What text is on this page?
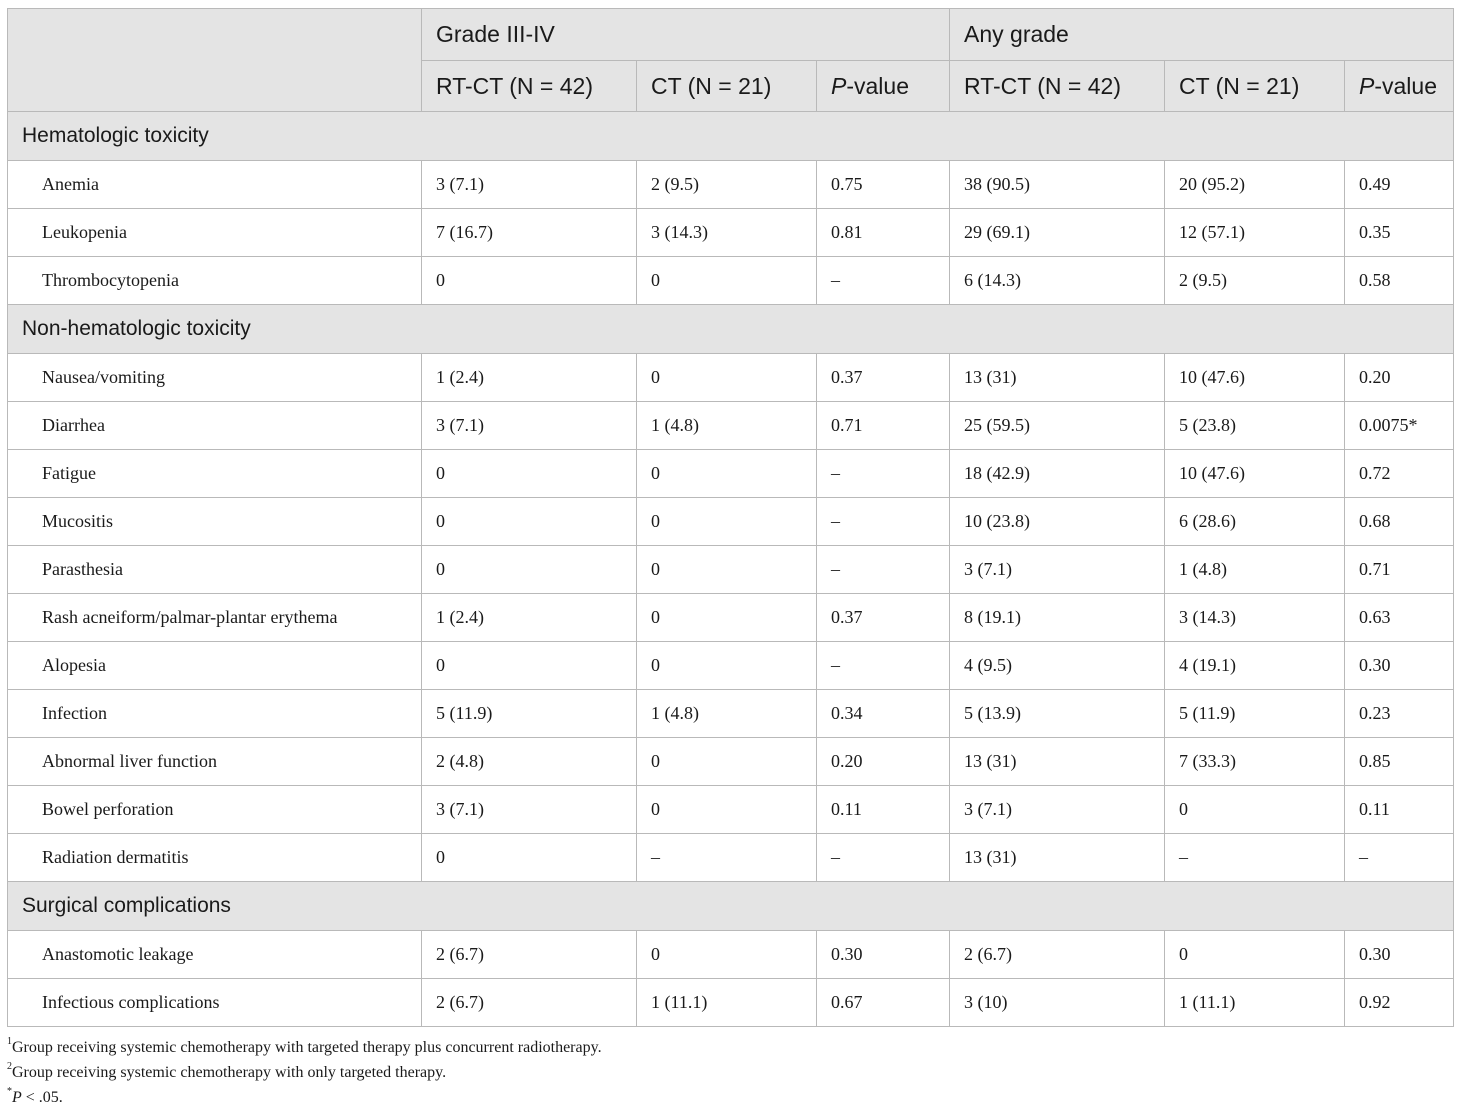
	Grade III-IV			Any grade		
	RT-CT (N = 42)	CT (N = 21)	P-value	RT-CT (N = 42)	CT (N = 21)	P-value
Hematologic toxicity						
Anemia	3 (7.1)	2 (9.5)	0.75	38 (90.5)	20 (95.2)	0.49
Leukopenia	7 (16.7)	3 (14.3)	0.81	29 (69.1)	12 (57.1)	0.35
Thrombocytopenia	0	0	–	6 (14.3)	2 (9.5)	0.58
Non-hematologic toxicity						
Nausea/vomiting	1 (2.4)	0	0.37	13 (31)	10 (47.6)	0.20
Diarrhea	3 (7.1)	1 (4.8)	0.71	25 (59.5)	5 (23.8)	0.0075*
Fatigue	0	0	–	18 (42.9)	10 (47.6)	0.72
Mucositis	0	0	–	10 (23.8)	6 (28.6)	0.68
Parasthesia	0	0	–	3 (7.1)	1 (4.8)	0.71
Rash acneiform/palmar-plantar erythema	1 (2.4)	0	0.37	8 (19.1)	3 (14.3)	0.63
Alopesia	0	0	–	4 (9.5)	4 (19.1)	0.30
Infection	5 (11.9)	1 (4.8)	0.34	5 (13.9)	5 (11.9)	0.23
Abnormal liver function	2 (4.8)	0	0.20	13 (31)	7 (33.3)	0.85
Bowel perforation	3 (7.1)	0	0.11	3 (7.1)	0	0.11
Radiation dermatitis	0	–	–	13 (31)	–	–
Surgical complications						
Anastomotic leakage	2 (6.7)	0	0.30	2 (6.7)	0	0.30
Infectious complications	2 (6.7)	1 (11.1)	0.67	3 (10)	1 (11.1)	0.92
$^1$Group receiving systemic chemotherapy with targeted therapy plus concurrent radiotherapy.
$^2$Group receiving systemic chemotherapy with only targeted therapy.
*P < .05.
